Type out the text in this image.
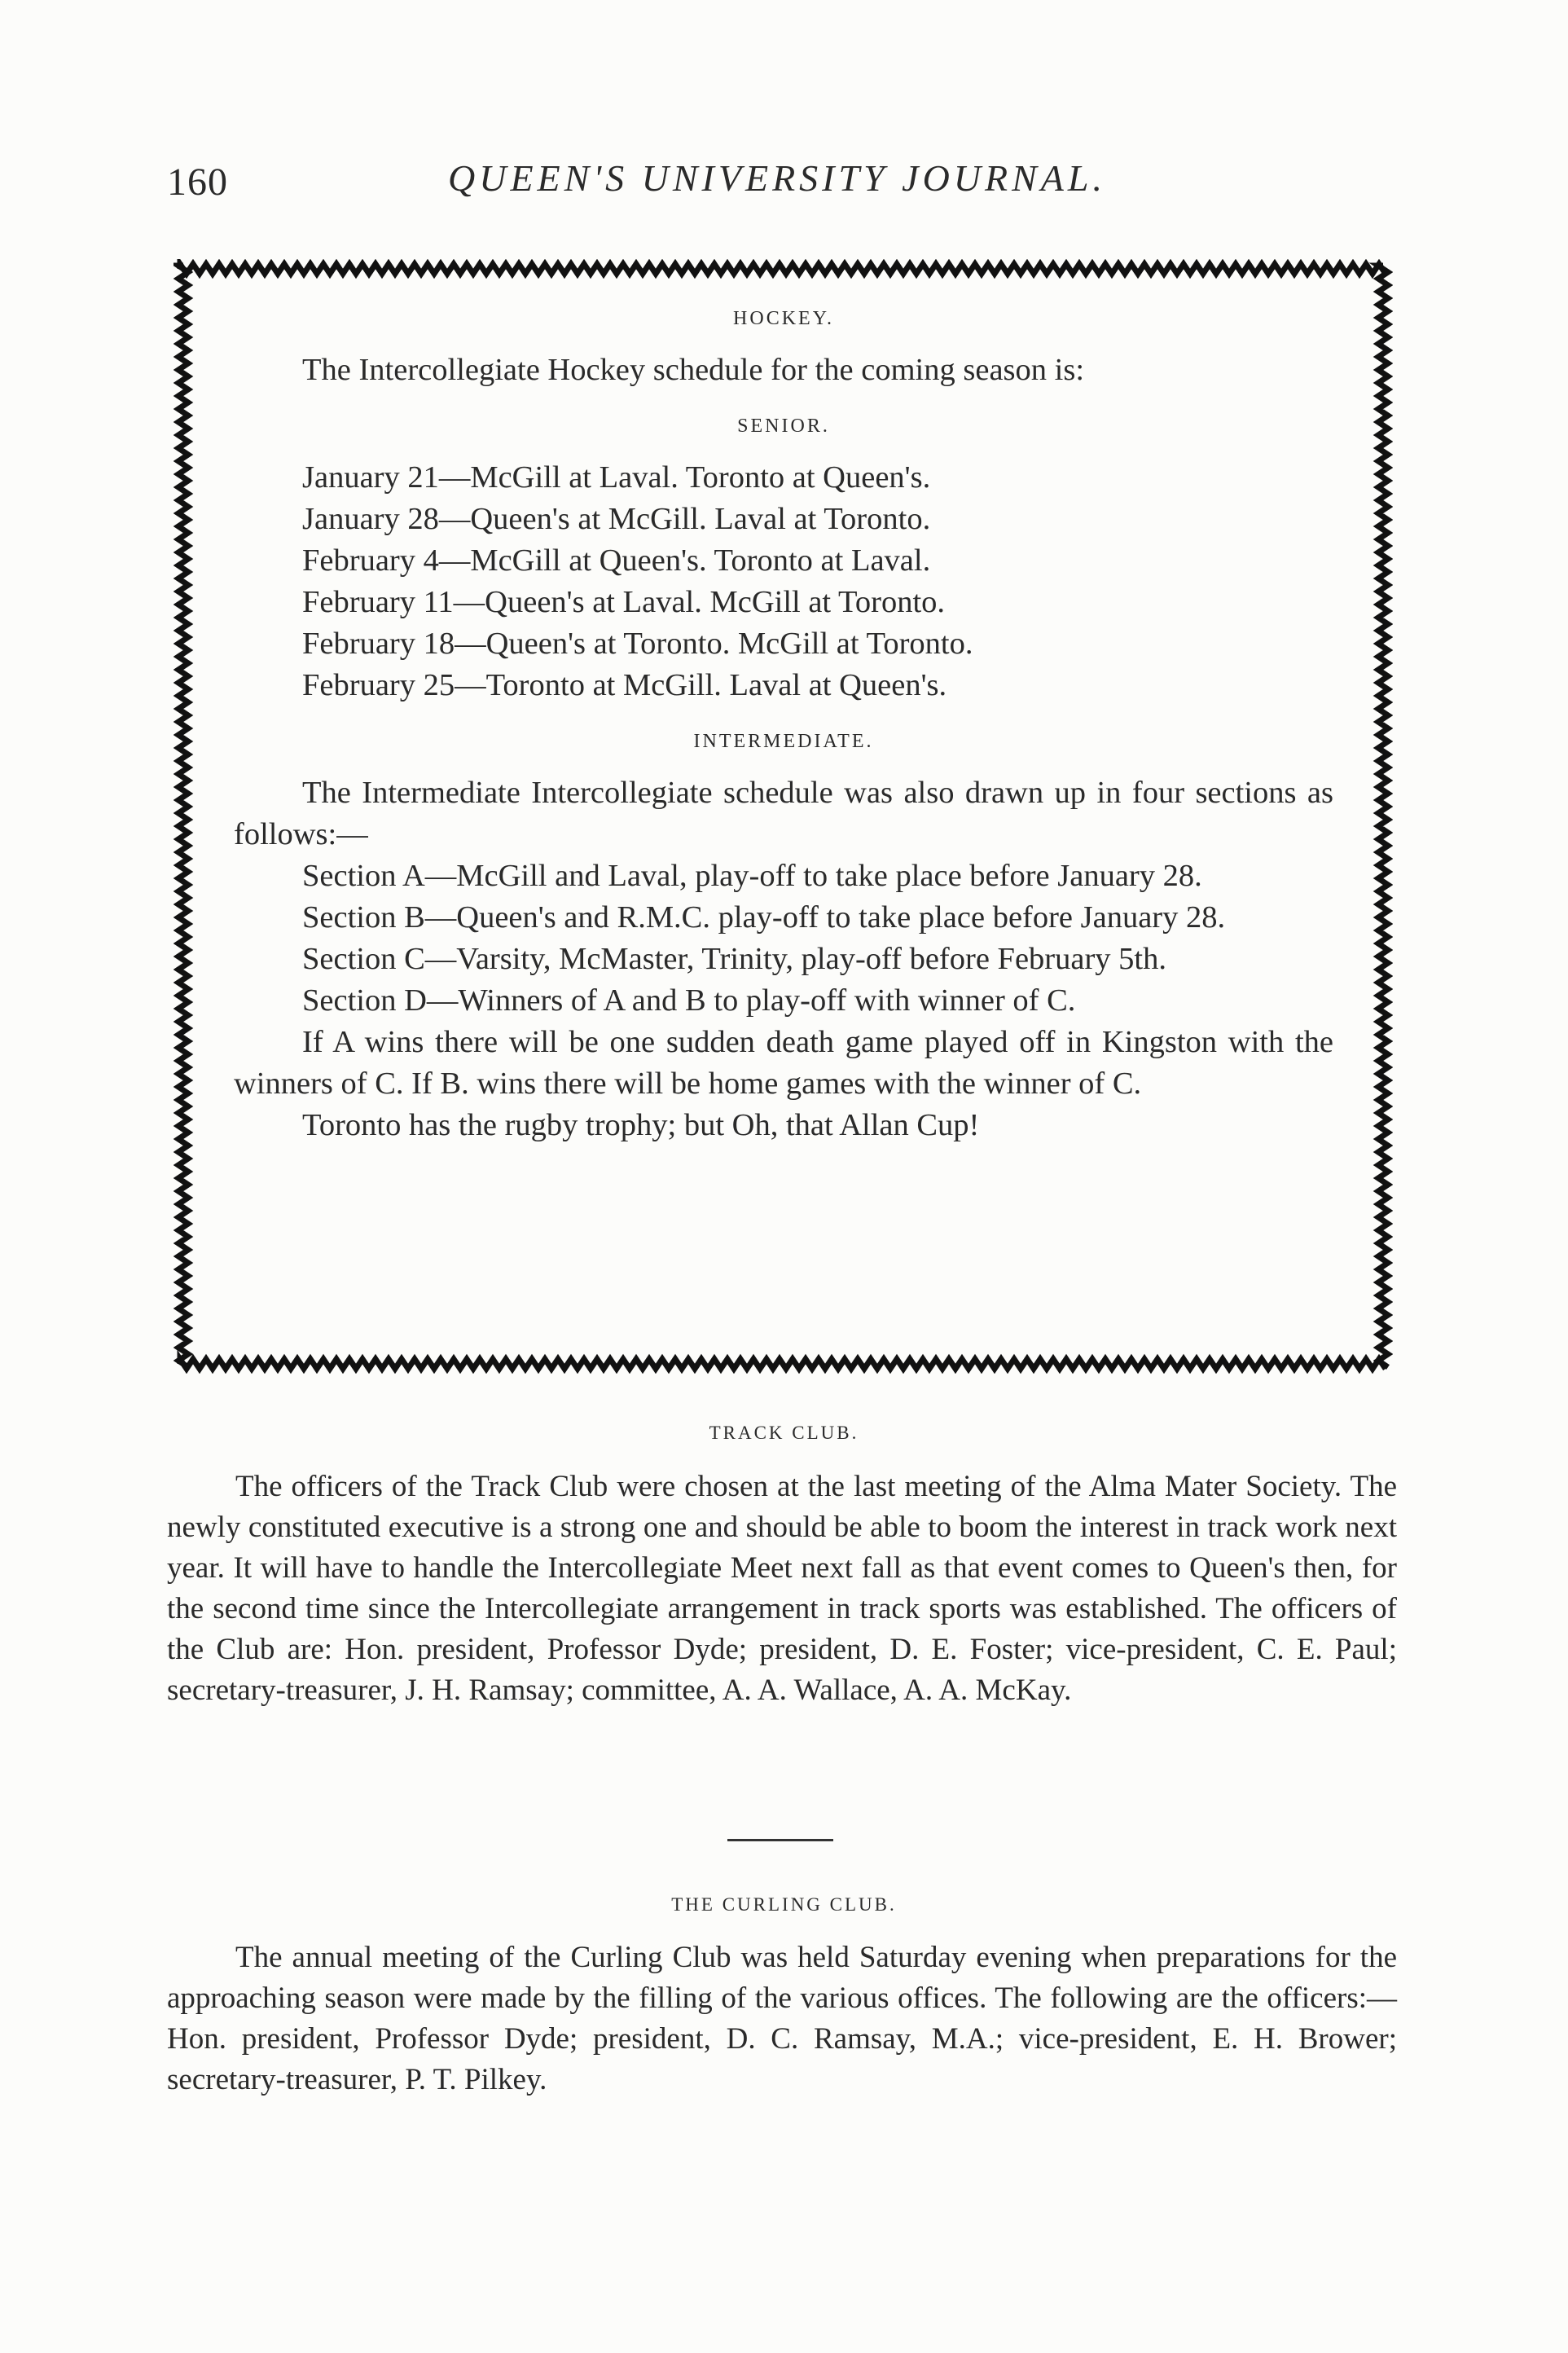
160	QUEEN'S UNIVERSITY JOURNAL.
HOCKEY.

The Intercollegiate Hockey schedule for the coming season is:

SENIOR.

January 21—McGill at Laval. Toronto at Queen's.

January 28—Queen's at McGill. Laval at Toronto.

February 4—McGill at Queen's. Toronto at Laval.

February 11—Queen's at Laval. McGill at Toronto.

February 18—Queen's at Toronto. McGill at Toronto.

February 25—Toronto at McGill. Laval at Queen's.

INTERMEDIATE.

The Intermediate Intercollegiate schedule was also drawn up in four sections as follows:—

Section A—McGill and Laval, play-off to take place before January 28.

Section B—Queen's and R.M.C. play-off to take place before January 28.

Section C—Varsity, McMaster, Trinity, play-off before February 5th.

Section D—Winners of A and B to play-off with winner of C.

If A wins there will be one sudden death game played off in Kingston with the winners of C. If B. wins there will be home games with the winner of C.

Toronto has the rugby trophy; but Oh, that Allan Cup!

TRACK CLUB.

The officers of the Track Club were chosen at the last meeting of the Alma Mater Society. The newly constituted executive is a strong one and should be able to boom the interest in track work next year. It will have to handle the Intercollegiate Meet next fall as that event comes to Queen's then, for the second time since the Intercollegiate arrangement in track sports was established. The officers of the Club are: Hon. president, Professor Dyde; president, D. E. Foster; vice-president, C. E. Paul; secretary-treasurer, J. H. Ramsay; committee, A. A. Wallace, A. A. McKay.

THE CURLING CLUB.

The annual meeting of the Curling Club was held Saturday evening when preparations for the approaching season were made by the filling of the various offices. The following are the officers:—Hon. president, Professor Dyde; president, D. C. Ramsay, M.A.; vice-president, E. H. Brower; secretary-treasurer, P. T. Pilkey.
